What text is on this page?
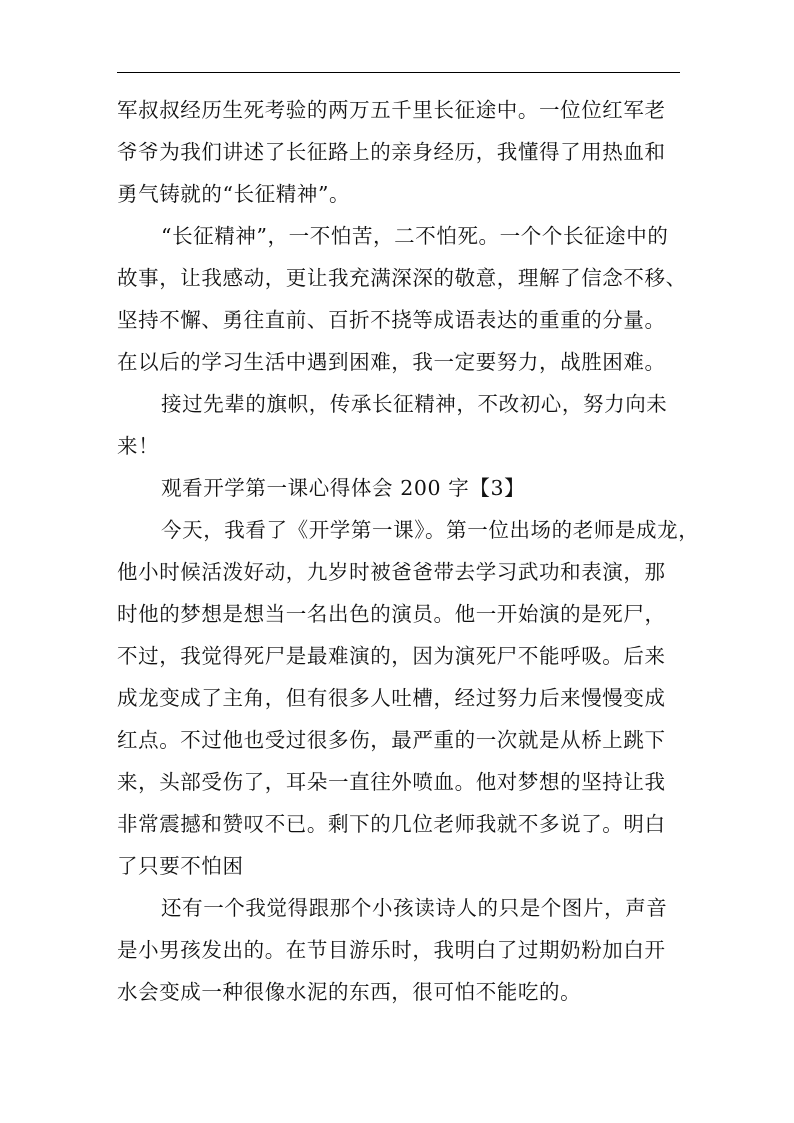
军叔叔经历生死考验的两万五千里长征途中。一位位红军老
爷爷为我们讲述了长征路上的亲身经历，我懂得了用热血和
勇气铸就的“长征精神”。
“长征精神”，一不怕苦，二不怕死。一个个长征途中的
故事，让我感动，更让我充满深深的敬意，理解了信念不移、
坚持不懈、勇往直前、百折不挠等成语表达的重重的分量。
在以后的学习生活中遇到困难，我一定要努力，战胜困难。
接过先辈的旗帜，传承长征精神，不改初心，努力向未
来！
观看开学第一课心得体会 200 字【3】
今天，我看了《开学第一课》。第一位出场的老师是成龙，
他小时候活泼好动，九岁时被爸爸带去学习武功和表演，那
时他的梦想是想当一名出色的演员。他一开始演的是死尸，
不过，我觉得死尸是最难演的，因为演死尸不能呼吸。后来
成龙变成了主角，但有很多人吐槽，经过努力后来慢慢变成
红点。不过他也受过很多伤，最严重的一次就是从桥上跳下
来，头部受伤了，耳朵一直往外喷血。他对梦想的坚持让我
非常震撼和赞叹不已。剩下的几位老师我就不多说了。明白
了只要不怕困
还有一个我觉得跟那个小孩读诗人的只是个图片，声音
是小男孩发出的。在节目游乐时，我明白了过期奶粉加白开
水会变成一种很像水泥的东西，很可怕不能吃的。
